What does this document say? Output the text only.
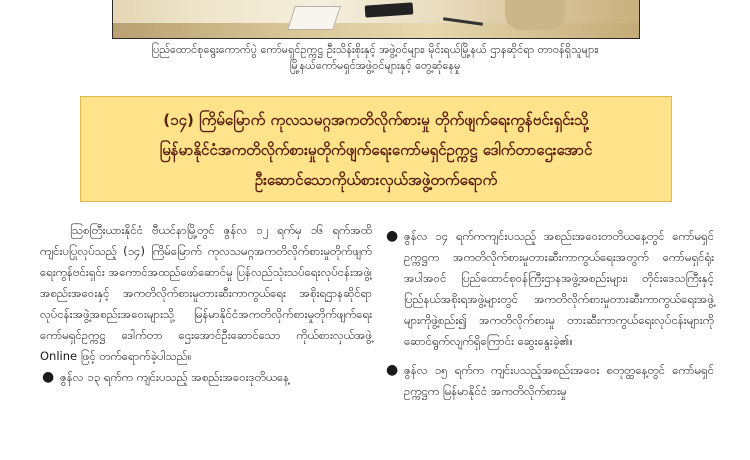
ပြည်ထောင်စုရွေးကောက်ပွဲ ကော်မရှင်ဥက္ကဋ္ဌ ဦးသိန်းစိုးနှင့် အဖွဲ့ဝင်များ၊ မိုင်းရယ်မြို့နယ် ဌာနဆိုင်ရာ တာဝန်ရှိသူများ၊
မြို့နယ်ကော်မရှင်အဖွဲ့ဝင်များနှင့် တွေ့ဆုံနေမှု
(၁၄) ကြိမ်မြောက် ကုလသမဂ္ဂအကတိလိုက်စားမှု တိုက်ဖျက်ရေးကွန်ဗင်းရှင်းသို့
မြန်မာနိုင်ငံအကတိလိုက်စားမှုတိုက်ဖျက်ရေးကော်မရှင်ဥက္ကဋ္ဌ ဒေါက်တာဌေးအောင်
ဦးဆောင်သောကိုယ်စားလှယ်အဖွဲ့တက်ရောက်

ဩစတြီးယားနိုင်ငံ ဗီယင်နာမြို့တွင် ဇွန်လ ၁၂ ရက်မှ ၁၆ ရက်အထိ ကျင်းပပြုလုပ်သည့် (၁၄) ကြိမ်မြောက် ကုလသမဂ္ဂအကတိလိုက်စားမှုတိုက်ဖျက်ရေးကွန်ဗင်းရှင်း အကောင်အထည်ဖော်ဆောင်မှု ပြန်လည်သုံးသပ်ရေးလုပ်ငန်းအဖွဲ့၊ အစည်းအဝေးနှင့် အကတိလိုက်စားမှုတားဆီးကာကွယ်ရေး အစိုးရဌာနဆိုင်ရာ လုပ်ငန်းအဖွဲ့အစည်းအဝေးများသို့ မြန်မာနိုင်ငံအကတိလိုက်စားမှုတိုက်ဖျက်ရေးကော်မရှင်ဥက္ကဋ္ဌ ဒေါက်တာ ဌေးအောင်ဦးဆောင်သော ကိုယ်စားလှယ်အဖွဲ့ Online ဖြင့် တက်ရောက်ခဲ့ပါသည်။

● ဇွန်လ ၁၃ ရက်က ကျင်းပသည့် အစည်းအဝေးဒုတိယနေ့
● ဇွန်လ ၁၄ ရက်ကကျင်းပသည့် အစည်းအဝေးတတိယနေ့တွင် ကော်မရှင်ဥက္ကဋ္ဌက အကတိလိုက်စားမှုတားဆီးကာကွယ်ရေးအတွက် ကော်မရှင်ရုံးအပါအဝင် ပြည်ထောင်စုဝန်ကြီးဌာနအဖွဲ့အစည်းများ၊ တိုင်းဒေသကြီးနှင့် ပြည်နယ်အစိုးရအဖွဲ့များတွင် အကတိလိုက်စားမှုတားဆီးကာကွယ်ရေးအဖွဲ့များကိုဖွဲ့စည်း၍ အကတိလိုက်စားမှု တားဆီးကာကွယ်ရေးလုပ်ငန်းများကို ဆောင်ရွက်လျက်ရှိကြောင်း ဆွေးနွေးခဲ့၏။
● ဇွန်လ ၁၅ ရက်က ကျင်းပသည့်အစည်းအဝေး စတုတ္ထနေ့တွင် ကော်မရှင်ဥက္ကဋ္ဌက မြန်မာနိုင်ငံ အကတိလိုက်စားမှု
